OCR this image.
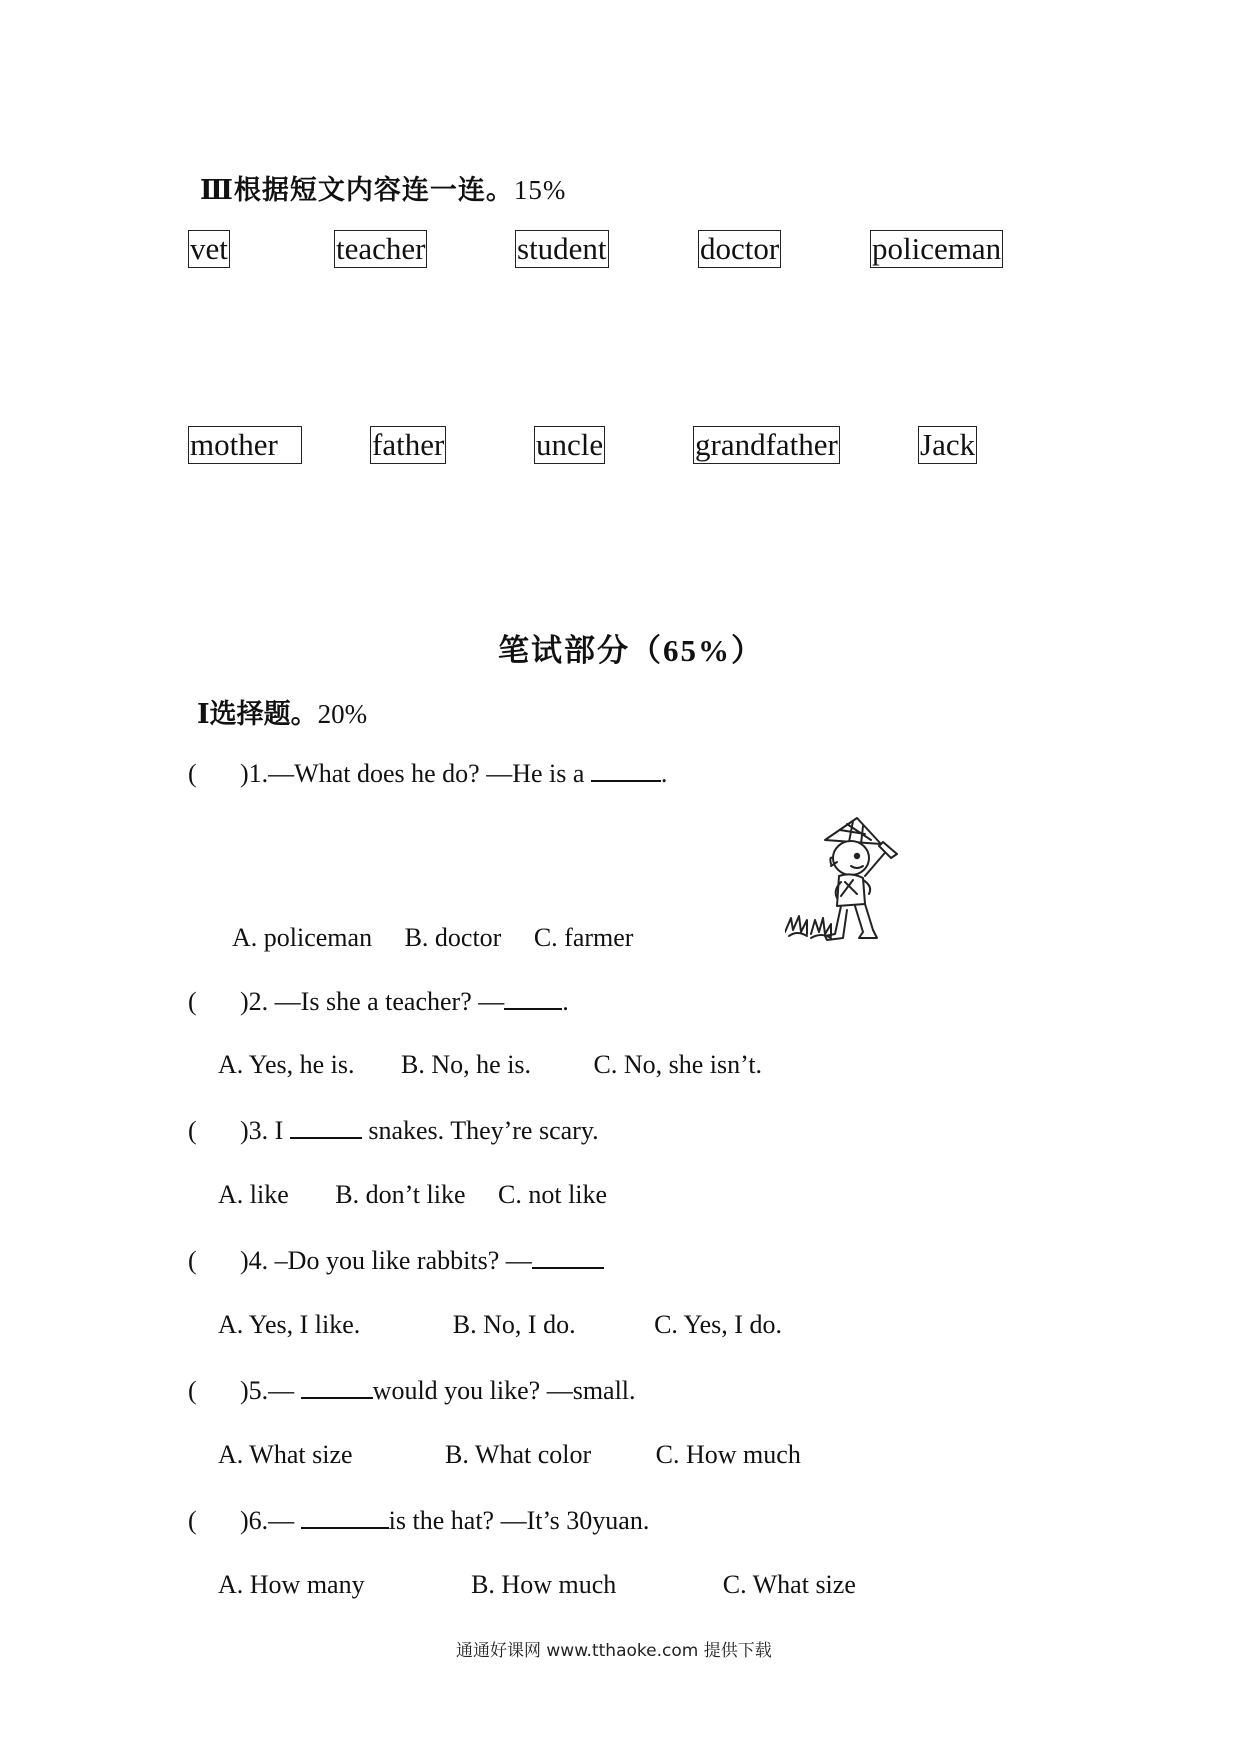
Ⅲ根据短文内容连一连。15%
vet	teacher	student	doctor	policeman
mother	father	uncle	grandfather	Jack
笔试部分（65%）
Ⅰ选择题。20%
( )1.—What does he do? —He is a	.
A. policeman B. doctor C. farmer
( )2. —Is she a teacher? — .
A. Yes, he is. B. No, he is. C. No, she isn’t.
( )3. I	snakes. They’re scary.
A. like B. don’t like C. not like
( )4. –Do you like rabbits? —
A. Yes, I like.	B. No, I do.	C. Yes, I do.
( )5.—	would you like? —small.
A. What size	B. What color C. How much
( )6.—	is the hat? —It’s 30yuan.
A. How many	B. How much	C. What size
通通好课网 www.tthaoke.com 提供下载
